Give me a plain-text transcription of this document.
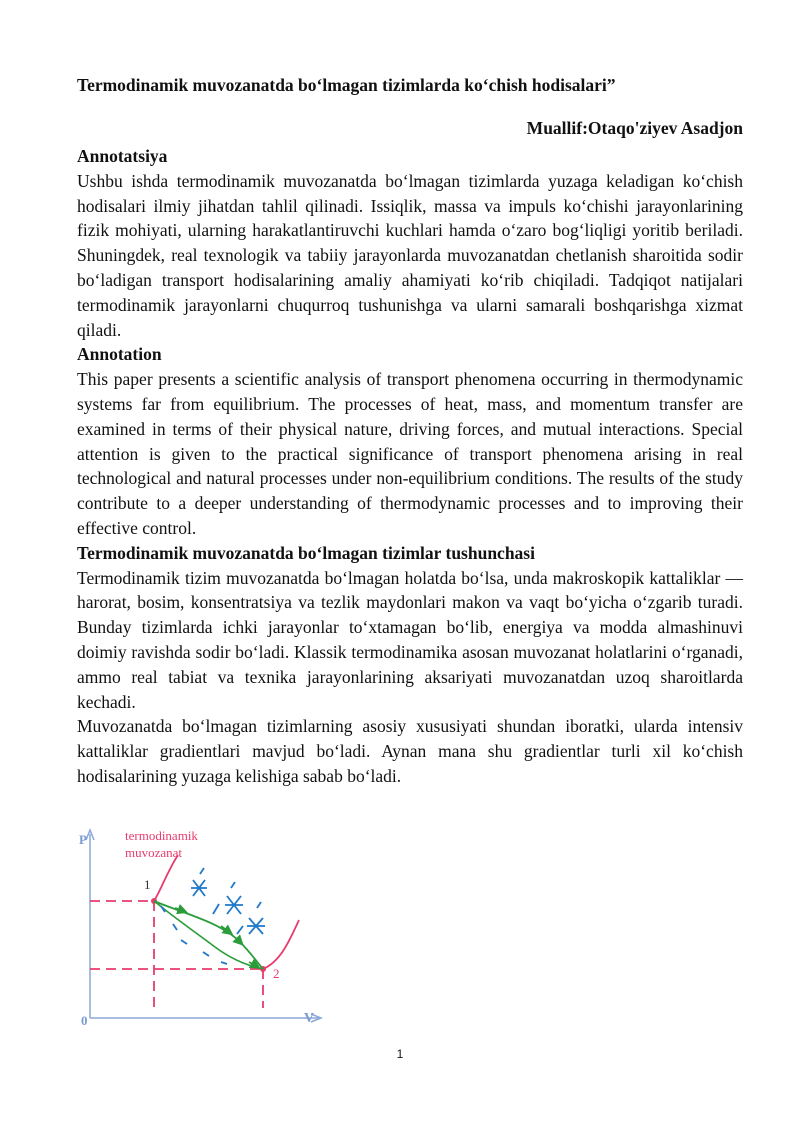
Termodinamik muvozanatda bo‘lmagan tizimlarda ko‘chish hodisalari”

Muallif:Otaqo'ziyev Asadjon

Annotatsiya

Ushbu ishda termodinamik muvozanatda bo‘lmagan tizimlarda yuzaga keladigan ko‘chish hodisalari ilmiy jihatdan tahlil qilinadi. Issiqlik, massa va impuls ko‘chishi jarayonlarining fizik mohiyati, ularning harakatlantiruvchi kuchlari hamda o‘zaro bog‘liqligi yoritib beriladi. Shuningdek, real texnologik va tabiiy jarayonlarda muvozanatdan chetlanish sharoitida sodir bo‘ladigan transport hodisalarining amaliy ahamiyati ko‘rib chiqiladi. Tadqiqot natijalari termodinamik jarayonlarni chuqurroq tushunishga va ularni samarali boshqarishga xizmat qiladi.

Annotation

This paper presents a scientific analysis of transport phenomena occurring in thermodynamic systems far from equilibrium. The processes of heat, mass, and momentum transfer are examined in terms of their physical nature, driving forces, and mutual interactions. Special attention is given to the practical significance of transport phenomena arising in real technological and natural processes under non-equilibrium conditions. The results of the study contribute to a deeper understanding of thermodynamic processes and to improving their effective control.

Termodinamik muvozanatda bo‘lmagan tizimlar tushunchasi

Termodinamik tizim muvozanatda bo‘lmagan holatda bo‘lsa, unda makroskopik kattaliklar — harorat, bosim, konsentratsiya va tezlik maydonlari makon va vaqt bo‘yicha o‘zgarib turadi. Bunday tizimlarda ichki jarayonlar to‘xtamagan bo‘lib, energiya va modda almashinuvi doimiy ravishda sodir bo‘ladi. Klassik termodinamika asosan muvozanat holatlarini o‘rganadi, ammo real tabiat va texnika jarayonlarining aksariyati muvozanatdan uzoq sharoitlarda kechadi.

Muvozanatda bo‘lmagan tizimlarning asosiy xususiyati shundan iboratki, ularda intensiv kattaliklar gradientlari mavjud bo‘ladi. Aynan mana shu gradientlar turli xil ko‘chish hodisalarining yuzaga kelishiga sabab bo‘ladi.

P
V
0
termodinamik
muvozanat
1
2
1
